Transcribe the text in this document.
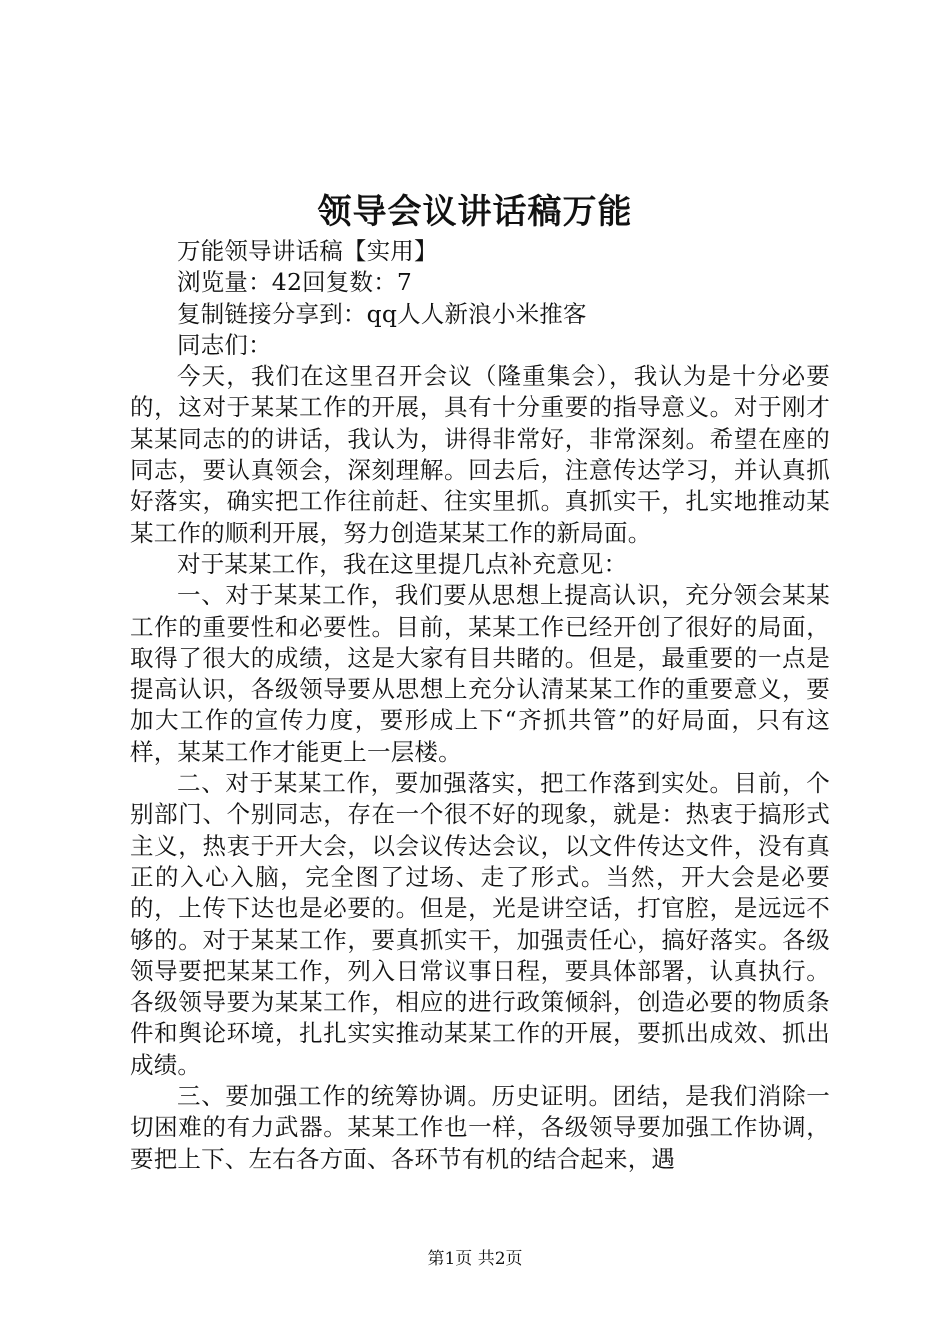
领导会议讲话稿万能

万能领导讲话稿【实用】

浏览量：42回复数：7

复制链接分享到：qq人人新浪小米推客

同志们：

今天，我们在这里召开会议（隆重集会），我认为是十分必要的，这对于某某工作的开展，具有十分重要的指导意义。对于刚才某某同志的的讲话，我认为，讲得非常好，非常深刻。希望在座的同志，要认真领会，深刻理解。回去后，注意传达学习，并认真抓好落实，确实把工作往前赶、往实里抓。真抓实干，扎实地推动某某工作的顺利开展，努力创造某某工作的新局面。

对于某某工作，我在这里提几点补充意见：

一、对于某某工作，我们要从思想上提高认识，充分领会某某工作的重要性和必要性。目前，某某工作已经开创了很好的局面，取得了很大的成绩，这是大家有目共睹的。但是，最重要的一点是提高认识，各级领导要从思想上充分认清某某工作的重要意义，要加大工作的宣传力度，要形成上下“齐抓共管”的好局面，只有这样，某某工作才能更上一层楼。

二、对于某某工作，要加强落实，把工作落到实处。目前，个别部门、个别同志，存在一个很不好的现象，就是：热衷于搞形式主义，热衷于开大会，以会议传达会议，以文件传达文件，没有真正的入心入脑，完全图了过场、走了形式。当然，开大会是必要的，上传下达也是必要的。但是，光是讲空话，打官腔，是远远不够的。对于某某工作，要真抓实干，加强责任心，搞好落实。各级领导要把某某工作，列入日常议事日程，要具体部署，认真执行。各级领导要为某某工作，相应的进行政策倾斜，创造必要的物质条件和舆论环境，扎扎实实推动某某工作的开展，要抓出成效、抓出成绩。

三、要加强工作的统筹协调。历史证明。团结，是我们消除一切困难的有力武器。某某工作也一样，各级领导要加强工作协调，要把上下、左右各方面、各环节有机的结合起来，遇

第1页 共2页
